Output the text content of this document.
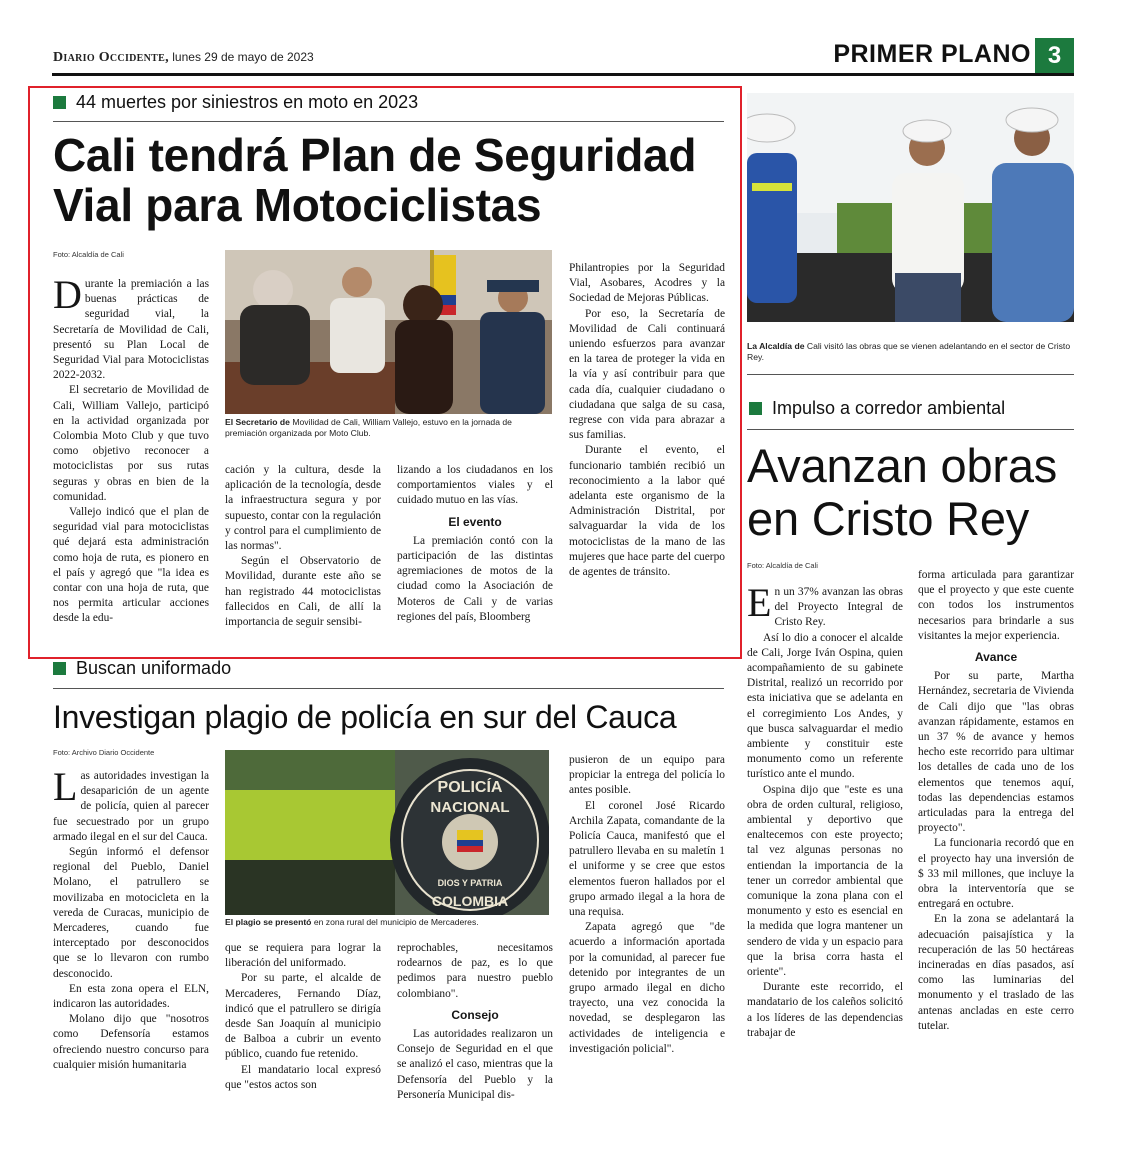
Diario Occidente, lunes 29 de mayo de 2023	PRIMER PLANO 3
44 muertes por siniestros en moto en 2023
Cali tendrá Plan de Seguridad Vial para Motociclistas
Foto: Alcaldía de Cali
El Secretario de Movilidad de Cali, William Vallejo, estuvo en la jornada de premiación organizada por Moto Club.

Durante la premiación a las buenas prácticas de seguridad vial, la Secretaría de Movilidad de Cali, presentó su Plan Local de Seguridad Vial para Motociclistas 2022-2032.

El secretario de Movilidad de Cali, William Vallejo, participó en la actividad organizada por Colombia Moto Club y que tuvo como objetivo reconocer a motociclistas por sus rutas seguras y obras en bien de la comunidad.

Vallejo indicó que el plan de seguridad vial para motociclistas qué dejará esta administración como hoja de ruta, es pionero en el país y agregó que "la idea es contar con una hoja de ruta, que nos permita articular acciones desde la edu-

cación y la cultura, desde la aplicación de la tecnología, desde la infraestructura segura y por supuesto, contar con la regulación y control para el cumplimiento de las normas".

Según el Observatorio de Movilidad, durante este año se han registrado 44 motociclistas fallecidos en Cali, de allí la importancia de seguir sensibi-

lizando a los ciudadanos en los comportamientos viales y el cuidado mutuo en las vías.

El evento

La premiación contó con la participación de las distintas agremiaciones de motos de la ciudad como la Asociación de Moteros de Cali y de varias regiones del país, Bloomberg

Philantropies por la Seguridad Vial, Asobares, Acodres y la Sociedad de Mejoras Públicas.

Por eso, la Secretaría de Movilidad de Cali continuará uniendo esfuerzos para avanzar en la tarea de proteger la vida en la vía y así contribuir para que cada día, cualquier ciudadano o ciudadana que salga de su casa, regrese con vida para abrazar a sus familias.

Durante el evento, el funcionario también recibió un reconocimiento a la labor qué adelanta este organismo de la Administración Distrital, por salvaguardar la vida de los motociclistas de la mano de las mujeres que hace parte del cuerpo de agentes de tránsito.

Buscan uniformado
Investigan plagio de policía en sur del Cauca
Foto: Archivo Diario Occidente
POLICÍA
NACIONAL
DIOS Y PATRIA
COLOMBIA
El plagio se presentó en zona rural del municipio de Mercaderes.

Las autoridades investigan la desaparición de un agente de policía, quien al parecer fue secuestrado por un grupo armado ilegal en el sur del Cauca.

Según informó el defensor regional del Pueblo, Daniel Molano, el patrullero se movilizaba en motocicleta en la vereda de Curacas, municipio de Mercaderes, cuando fue interceptado por desconocidos que se lo llevaron con rumbo desconocido.

En esta zona opera el ELN, indicaron las autoridades.

Molano dijo que "nosotros como Defensoría estamos ofreciendo nuestro concurso para cualquier misión humanitaria

que se requiera para lograr la liberación del uniformado.

Por su parte, el alcalde de Mercaderes, Fernando Díaz, indicó que el patrullero se dirigía desde San Joaquín al municipio de Balboa a cubrir un evento público, cuando fue retenido.

El mandatario local expresó que "estos actos son

reprochables, necesitamos rodearnos de paz, es lo que pedimos para nuestro pueblo colombiano".

Consejo

Las autoridades realizaron un Consejo de Seguridad en el que se analizó el caso, mientras que la Defensoría del Pueblo y la Personería Municipal dis-

pusieron de un equipo para propiciar la entrega del policía lo antes posible.

El coronel José Ricardo Archila Zapata, comandante de la Policía Cauca, manifestó que el patrullero llevaba en su maletín 1 el uniforme y se cree que estos elementos fueron hallados por el grupo armado ilegal a la hora de una requisa.

Zapata agregó que "de acuerdo a información aportada por la comunidad, al parecer fue detenido por integrantes de un grupo armado ilegal en dicho trayecto, una vez conocida la novedad, se desplegaron las actividades de inteligencia e investigación policial".

La Alcaldía de Cali visitó las obras que se vienen adelantando en el sector de Cristo Rey.
Impulso a corredor ambiental
Avanzan obras en Cristo Rey
Foto: Alcaldía de Cali

En un 37% avanzan las obras del Proyecto Integral de Cristo Rey.

Así lo dio a conocer el alcalde de Cali, Jorge Iván Ospina, quien acompañamiento de su gabinete Distrital, realizó un recorrido por esta iniciativa que se adelanta en el corregimiento Los Andes, y que busca salvaguardar el medio ambiente y constituir este monumento como un referente turístico ante el mundo.

Ospina dijo que "este es una obra de orden cultural, religioso, ambiental y deportivo que enaltecemos con este proyecto; tal vez algunas personas no entiendan la importancia de la tener un corredor ambiental que comunique la zona plana con el monumento y esto es esencial en la medida que logra mantener un sendero de vida y un espacio para que la brisa corra hasta el oriente".

Durante este recorrido, el mandatario de los caleños solicitó a los líderes de las dependencias trabajar de

forma articulada para garantizar que el proyecto y que este cuente con todos los instrumentos necesarios para brindarle a sus visitantes la mejor experiencia.

Avance

Por su parte, Martha Hernández, secretaria de Vivienda de Cali dijo que "las obras avanzan rápidamente, estamos en un 37 % de avance y hemos hecho este recorrido para ultimar los detalles de cada uno de los elementos que tenemos aquí, todas las dependencias estamos articuladas para la entrega del proyecto".

La funcionaria recordó que en el proyecto hay una inversión de $ 33 mil millones, que incluye la obra la interventoría que se entregará en octubre.

En la zona se adelantará la adecuación paisajística y la recuperación de las 50 hectáreas incineradas en días pasados, así como las luminarias del monumento y el traslado de las antenas ancladas en este cerro tutelar.
